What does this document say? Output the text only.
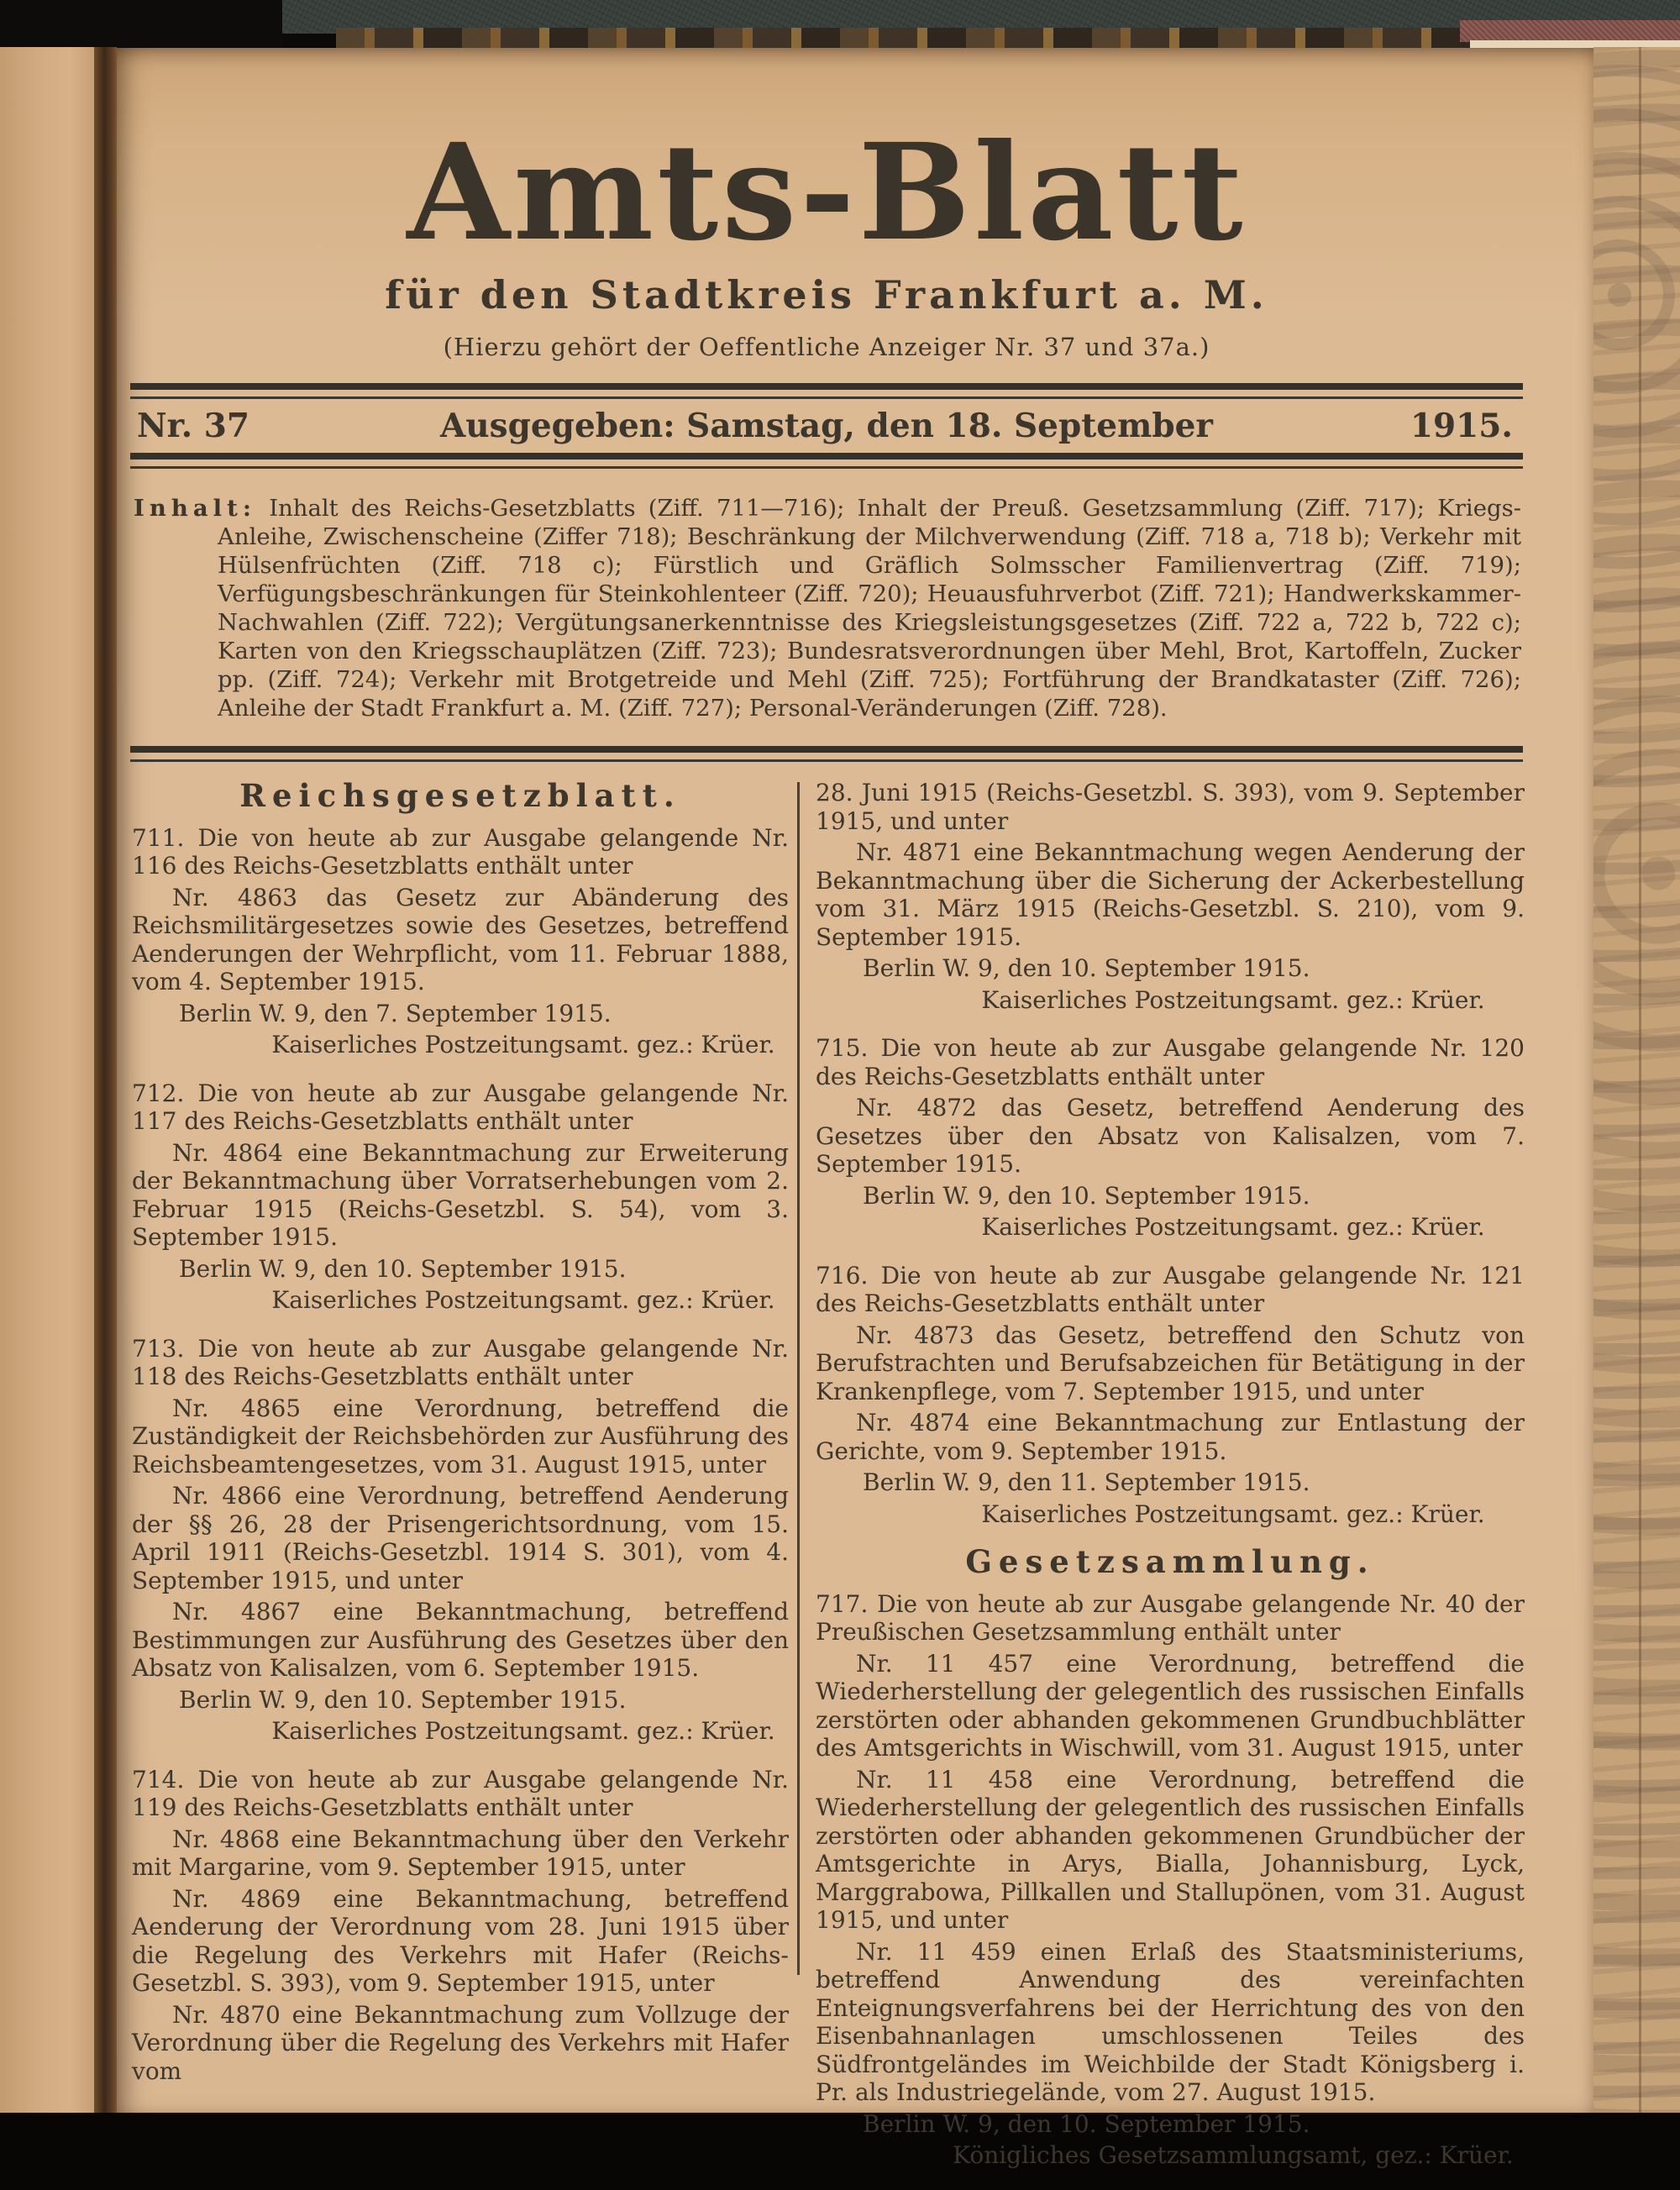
Amts-Blatt
für den Stadtkreis Frankfurt a. M.
(Hierzu gehört der Oeffentliche Anzeiger Nr. 37 und 37a.)
Nr. 37	Ausgegeben: Samstag, den 18. September	1915.

Inhalt: Inhalt des Reichs-Gesetzblatts (Ziff. 711—716); Inhalt der Preuß. Gesetzsammlung (Ziff. 717); Kriegs-Anleihe, Zwischenscheine (Ziffer 718); Beschränkung der Milchverwendung (Ziff. 718 a, 718 b); Verkehr mit Hülsenfrüchten (Ziff. 718 c); Fürstlich und Gräflich Solmsscher Familienvertrag (Ziff. 719); Verfügungsbeschränkungen für Steinkohlenteer (Ziff. 720); Heuausfuhrverbot (Ziff. 721); Handwerkskammer-Nachwahlen (Ziff. 722); Vergütungsanerkenntnisse des Kriegsleistungsgesetzes (Ziff. 722 a, 722 b, 722 c); Karten von den Kriegsschauplätzen (Ziff. 723); Bundesratsverordnungen über Mehl, Brot, Kartoffeln, Zucker pp. (Ziff. 724); Verkehr mit Brotgetreide und Mehl (Ziff. 725); Fortführung der Brandkataster (Ziff. 726); Anleihe der Stadt Frankfurt a. M. (Ziff. 727); Personal-Veränderungen (Ziff. 728).

Reichsgesetzblatt.

711. Die von heute ab zur Ausgabe gelangende Nr. 116 des Reichs-Gesetzblatts enthält unter

Nr. 4863 das Gesetz zur Abänderung des Reichsmilitärgesetzes sowie des Gesetzes, betreffend Aenderungen der Wehrpflicht, vom 11. Februar 1888, vom 4. September 1915.

Berlin W. 9, den 7. September 1915.

Kaiserliches Postzeitungsamt. gez.: Krüer.

712. Die von heute ab zur Ausgabe gelangende Nr. 117 des Reichs-Gesetzblatts enthält unter

Nr. 4864 eine Bekanntmachung zur Erweiterung der Bekanntmachung über Vorratserhebungen vom 2. Februar 1915 (Reichs-Gesetzbl. S. 54), vom 3. September 1915.

Berlin W. 9, den 10. September 1915.

Kaiserliches Postzeitungsamt. gez.: Krüer.

713. Die von heute ab zur Ausgabe gelangende Nr. 118 des Reichs-Gesetzblatts enthält unter

Nr. 4865 eine Verordnung, betreffend die Zuständigkeit der Reichsbehörden zur Ausführung des Reichsbeamtengesetzes, vom 31. August 1915, unter

Nr. 4866 eine Verordnung, betreffend Aenderung der §§ 26, 28 der Prisengerichtsordnung, vom 15. April 1911 (Reichs-Gesetzbl. 1914 S. 301), vom 4. September 1915, und unter

Nr. 4867 eine Bekanntmachung, betreffend Bestimmungen zur Ausführung des Gesetzes über den Absatz von Kalisalzen, vom 6. September 1915.

Berlin W. 9, den 10. September 1915.

Kaiserliches Postzeitungsamt. gez.: Krüer.

714. Die von heute ab zur Ausgabe gelangende Nr. 119 des Reichs-Gesetzblatts enthält unter

Nr. 4868 eine Bekanntmachung über den Verkehr mit Margarine, vom 9. September 1915, unter

Nr. 4869 eine Bekanntmachung, betreffend Aenderung der Verordnung vom 28. Juni 1915 über die Regelung des Verkehrs mit Hafer (Reichs-Gesetzbl. S. 393), vom 9. September 1915, unter

Nr. 4870 eine Bekanntmachung zum Vollzuge der Verordnung über die Regelung des Verkehrs mit Hafer vom

28. Juni 1915 (Reichs-Gesetzbl. S. 393), vom 9. September 1915, und unter

Nr. 4871 eine Bekanntmachung wegen Aenderung der Bekanntmachung über die Sicherung der Ackerbestellung vom 31. März 1915 (Reichs-Gesetzbl. S. 210), vom 9. September 1915.

Berlin W. 9, den 10. September 1915.

Kaiserliches Postzeitungsamt. gez.: Krüer.

715. Die von heute ab zur Ausgabe gelangende Nr. 120 des Reichs-Gesetzblatts enthält unter

Nr. 4872 das Gesetz, betreffend Aenderung des Gesetzes über den Absatz von Kalisalzen, vom 7. September 1915.

Berlin W. 9, den 10. September 1915.

Kaiserliches Postzeitungsamt. gez.: Krüer.

716. Die von heute ab zur Ausgabe gelangende Nr. 121 des Reichs-Gesetzblatts enthält unter

Nr. 4873 das Gesetz, betreffend den Schutz von Berufstrachten und Berufsabzeichen für Betätigung in der Krankenpflege, vom 7. September 1915, und unter

Nr. 4874 eine Bekanntmachung zur Entlastung der Gerichte, vom 9. September 1915.

Berlin W. 9, den 11. September 1915.

Kaiserliches Postzeitungsamt. gez.: Krüer.

Gesetzsammlung.

717. Die von heute ab zur Ausgabe gelangende Nr. 40 der Preußischen Gesetzsammlung enthält unter

Nr. 11 457 eine Verordnung, betreffend die Wiederherstellung der gelegentlich des russischen Einfalls zerstörten oder abhanden gekommenen Grundbuchblätter des Amtsgerichts in Wischwill, vom 31. August 1915, unter

Nr. 11 458 eine Verordnung, betreffend die Wiederherstellung der gelegentlich des russischen Einfalls zerstörten oder abhanden gekommenen Grundbücher der Amtsgerichte in Arys, Bialla, Johannisburg, Lyck, Marggrabowa, Pillkallen und Stallupönen, vom 31. August 1915, und unter

Nr. 11 459 einen Erlaß des Staatsministeriums, betreffend Anwendung des vereinfachten Enteignungsverfahrens bei der Herrichtung des von den Eisenbahnanlagen umschlossenen Teiles des Südfrontgeländes im Weichbilde der Stadt Königsberg i. Pr. als Industriegelände, vom 27. August 1915.

Berlin W. 9, den 10. September 1915.

Königliches Gesetzsammlungsamt, gez.: Krüer.
